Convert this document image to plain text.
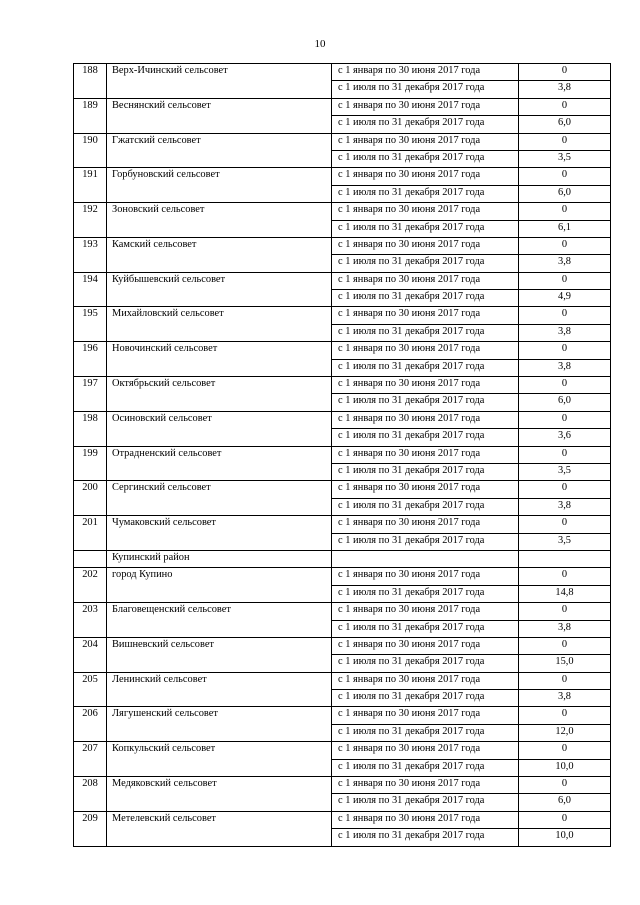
10
188	Верх-Ичинский сельсовет	с 1 января по 30 июня 2017 года	0
		с 1 июля по 31 декабря 2017 года	3,8
189	Веснянский сельсовет	с 1 января по 30 июня 2017 года	0
		с 1 июля по 31 декабря 2017 года	6,0
190	Гжатский сельсовет	с 1 января по 30 июня 2017 года	0
		с 1 июля по 31 декабря 2017 года	3,5
191	Горбуновский сельсовет	с 1 января по 30 июня 2017 года	0
		с 1 июля по 31 декабря 2017 года	6,0
192	Зоновский сельсовет	с 1 января по 30 июня 2017 года	0
		с 1 июля по 31 декабря 2017 года	6,1
193	Камский сельсовет	с 1 января по 30 июня 2017 года	0
		с 1 июля по 31 декабря 2017 года	3,8
194	Куйбышевский сельсовет	с 1 января по 30 июня 2017 года	0
		с 1 июля по 31 декабря 2017 года	4,9
195	Михайловский сельсовет	с 1 января по 30 июня 2017 года	0
		с 1 июля по 31 декабря 2017 года	3,8
196	Новочинский сельсовет	с 1 января по 30 июня 2017 года	0
		с 1 июля по 31 декабря 2017 года	3,8
197	Октябрьский сельсовет	с 1 января по 30 июня 2017 года	0
		с 1 июля по 31 декабря 2017 года	6,0
198	Осиновский сельсовет	с 1 января по 30 июня 2017 года	0
		с 1 июля по 31 декабря 2017 года	3,6
199	Отрадненский сельсовет	с 1 января по 30 июня 2017 года	0
		с 1 июля по 31 декабря 2017 года	3,5
200	Сергинский сельсовет	с 1 января по 30 июня 2017 года	0
		с 1 июля по 31 декабря 2017 года	3,8
201	Чумаковский сельсовет	с 1 января по 30 июня 2017 года	0
		с 1 июля по 31 декабря 2017 года	3,5
	Купинский район		
202	город Купино	с 1 января по 30 июня 2017 года	0
		с 1 июля по 31 декабря 2017 года	14,8
203	Благовещенский сельсовет	с 1 января по 30 июня 2017 года	0
		с 1 июля по 31 декабря 2017 года	3,8
204	Вишневский сельсовет	с 1 января по 30 июня 2017 года	0
		с 1 июля по 31 декабря 2017 года	15,0
205	Ленинский сельсовет	с 1 января по 30 июня 2017 года	0
		с 1 июля по 31 декабря 2017 года	3,8
206	Лягушенский сельсовет	с 1 января по 30 июня 2017 года	0
		с 1 июля по 31 декабря 2017 года	12,0
207	Копкульский сельсовет	с 1 января по 30 июня 2017 года	0
		с 1 июля по 31 декабря 2017 года	10,0
208	Медяковский сельсовет	с 1 января по 30 июня 2017 года	0
		с 1 июля по 31 декабря 2017 года	6,0
209	Метелевский сельсовет	с 1 января по 30 июня 2017 года	0
		с 1 июля по 31 декабря 2017 года	10,0
